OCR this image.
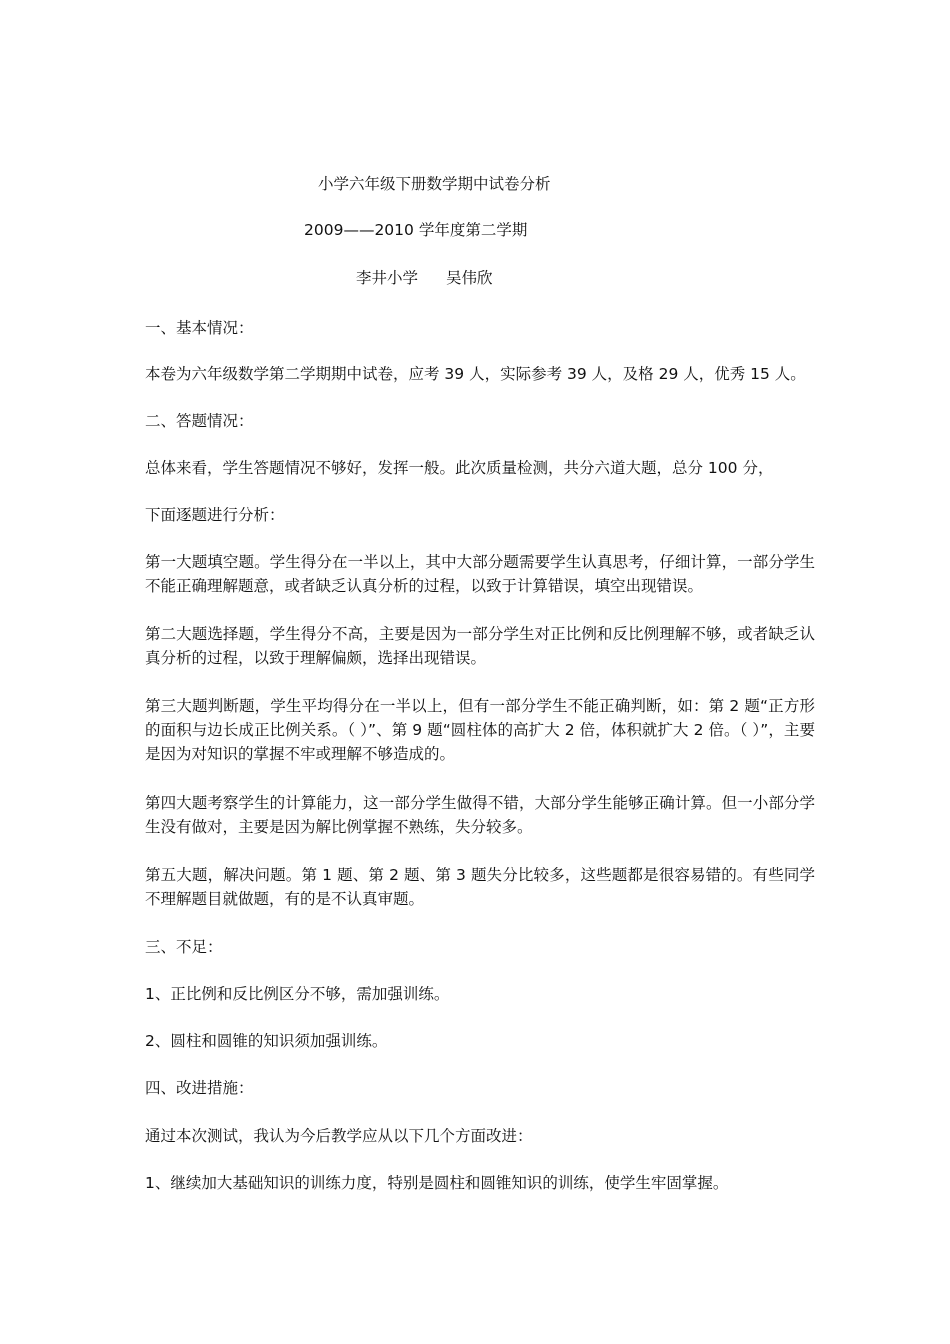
小学六年级下册数学期中试卷分析
2009——2010 学年度第二学期
李井小学 吴伟欣
一、基本情况：
本卷为六年级数学第二学期期中试卷，应考 39 人，实际参考 39 人，及格 29 人，优秀 15 人。
二、答题情况：
总体来看，学生答题情况不够好，发挥一般。此次质量检测，共分六道大题，总分 100 分，
下面逐题进行分析：
第一大题填空题。学生得分在一半以上，其中大部分题需要学生认真思考，仔细计算，一部分学生不能正确理解题意，或者缺乏认真分析的过程，以致于计算错误，填空出现错误。
第二大题选择题，学生得分不高，主要是因为一部分学生对正比例和反比例理解不够，或者缺乏认真分析的过程，以致于理解偏颇，选择出现错误。
第三大题判断题，学生平均得分在一半以上，但有一部分学生不能正确判断，如：第 2 题“正方形的面积与边长成正比例关系。（ ）”、第 9 题“圆柱体的高扩大 2 倍，体积就扩大 2 倍。（ ）”，主要是因为对知识的掌握不牢或理解不够造成的。
第四大题考察学生的计算能力，这一部分学生做得不错，大部分学生能够正确计算。但一小部分学生没有做对，主要是因为解比例掌握不熟练，失分较多。
第五大题，解决问题。第 1 题、第 2 题、第 3 题失分比较多，这些题都是很容易错的。有些同学不理解题目就做题，有的是不认真审题。
三、不足：
1、正比例和反比例区分不够，需加强训练。
2、圆柱和圆锥的知识须加强训练。
四、改进措施：
通过本次测试，我认为今后教学应从以下几个方面改进：
1、继续加大基础知识的训练力度，特别是圆柱和圆锥知识的训练，使学生牢固掌握。
